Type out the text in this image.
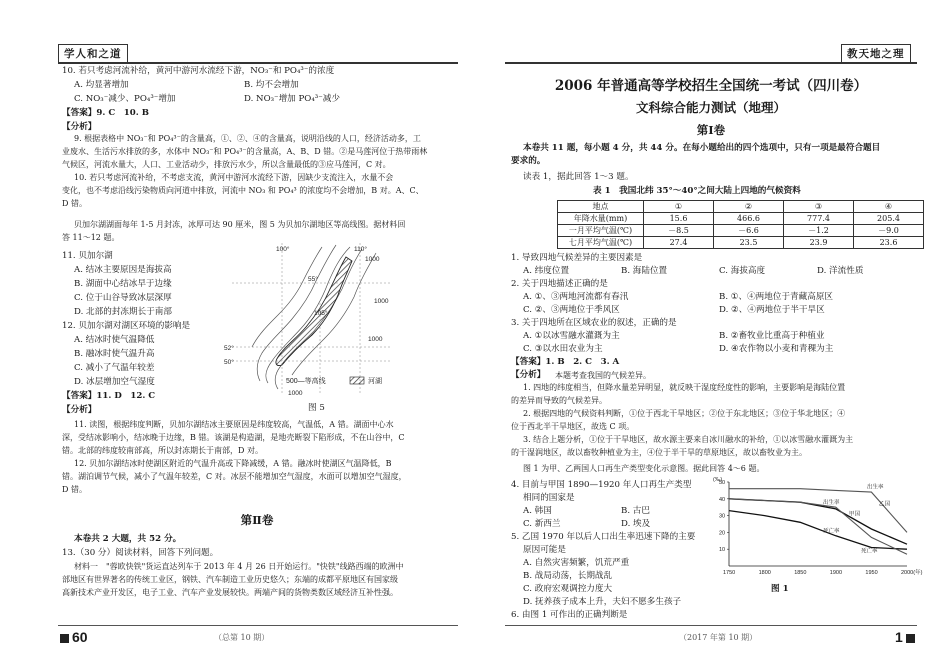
学人和之道
10. 若只考虑河流补给，黄河中游河水流经下游，NO₃⁻和 PO₄³⁻的浓度
A. 均显著增加	B. 均不会增加
C. NO₃⁻减少、PO₄³⁻增加	D. NO₃⁻增加 PO₄³⁻减少
【答案】9. C　10. B
【分析】
9. 根据表格中 NO₃⁻和 PO₄³⁻的含量高，①、②、④的含量高，说明沿线的人口，经济活动多，工
业废水、生活污水排放的多，水体中 NO₃⁻和 PO₄³⁻的含量高，A、B、D 错。②是马莲河位于热带雨林
气候区，河流水量大，人口、工业活动少，排放污水少，所以含量最低的③应马莲河，C 对。
10. 若只考虑河流补给，不考虑支流，黄河中游河水流经下游，因缺少支流注入，水量不会
变化，也不考虑沿线污染物质向河道中排放，河流中 NO₃ 和 PO₄³ 的浓度均不会增加，B 对。A、C、
D 错。
贝加尔湖湖面每年 1-5 月封冻，冰厚可达 90 厘米，图 5 为贝加尔湖地区等高线图。据材料回
答 11～12 题。
11. 贝加尔湖
A. 结冰主要原因是海拔高
B. 湖面中心结冰早于边缘
C. 位于山谷导致冰层深厚
D. 北部的封冻期长于南部
12. 贝加尔湖对湖区环境的影响是
A. 结冰时使气温降低
B. 融冰时使气温升高
C. 减小了气温年较差
D. 冰层增加空气湿度
【答案】11. D　12. C
【分析】
1000
1000
1000
1000
100°	110°
105°
55°
52°
50°
500—等高线	河湖
图 5
11. 读图，根据纬度判断，贝加尔湖结冰主要原因是纬度较高，气温低，A 错。湖面中心水
深，受结冰影响小，结冰晚于边缘，B 错。该湖是构造湖，是地壳断裂下陷形成，不在山谷中，C
错。北部的纬度较南部高，所以封冻期长于南部，D 对。
12. 贝加尔湖结冰时使湖区附近的气温升高或下降减缓，A 错。融冰时使湖区气温降低，B
错。湖泊调节气候，减小了气温年较差，C 对。冰层不能增加空气湿度，水面可以增加空气湿度，
D 错。
第Ⅱ卷
本卷共 2 大题，共 52 分。
13.（30 分）阅读材料，回答下列问题。
材料一　"蓉欧快铁"货运直达列车于 2013 年 4 月 26 日开始运行。"快铁"线路西端的欧洲中
部地区有世界著名的传统工业区，钢铁、汽车制造工业历史悠久；东端的成都平原地区有国家级
高新技术产业开发区，电子工业、汽车产业发展较快。两端产间的货物类数区域经济互补性强。
60	（总第 10 期）
教天地之理
2006 年普通高等学校招生全国统一考试（四川卷）
文科综合能力测试（地理）
第Ⅰ卷
本卷共 11 题，每小题 4 分，共 44 分。在每小题给出的四个选项中，只有一项是最符合题目
要求的。
读表 1，据此回答 1～3 题。
表 1　我国北纬 35°～40°之间大陆上四地的气候资料
地点	①	②	③	④
年降水量(mm)	15.6	466.6	777.4	205.4
一月平均气温(℃)	－8.5	－6.6	－1.2	－9.0
七月平均气温(℃)	27.4	23.5	23.9	23.6
1. 导致四地气候差异的主要因素是
A. 纬度位置	B. 海陆位置	C. 海拔高度	D. 洋流性质
2. 关于四地描述正确的是
A. ①、③两地河流都有春汛	B. ①、④两地位于青藏高原区
C. ②、③两地位于季风区	D. ②、④两地位于半干旱区
3. 关于四地所在区域农业的叙述，正确的是
A. ①以冰雪融水灌溉为主	B. ②畜牧业比重高于种植业
C. ③以水田农业为主	D. ④农作物以小麦和青稞为主
【答案】1. B　2. C　3. A
【分析】 本题考查我国的气候差异。
1. 四地的纬度相当，但降水量差异明显，就反映干湿度经度性的影响，主要影响是海陆位置
的差异而导致的气候差异。
2. 根据四地的气候资料判断，①位于西北干旱地区；②位于东北地区；③位于华北地区；④
位于西北半干旱地区，故选 C 项。
3. 结合上题分析，①位于干旱地区，故水源主要来自冰川融水的补给，①以冰雪融水灌溉为主
的干湿润地区，故以畜牧种植业为主，④位于半干旱的草原地区，故以畜牧业为主。
图 1 为甲、乙两国人口再生产类型变化示意图。据此回答 4～6 题。
4. 目前与甲国 1890—1920 年人口再生产类型
相同的国家是
A. 韩国	B. 古巴
C. 新西兰	D. 埃及
5. 乙国 1970 年以后人口出生率迅速下降的主要
原因可能是
A. 自然灾害频繁，饥荒严重
B. 战局动荡，长期战乱
C. 政府宏观调控力度大
D. 抚养孩子成本上升，夫妇不愿多生孩子
6. 由图 1 可作出的正确判断是
1750	1800	1850	1900	1950	2000(年)
50
40
30
20
10
(‰)
出生率
甲国
死亡率
出生率
乙国
死亡率
图 1
（2017 年第 10 期）	1
